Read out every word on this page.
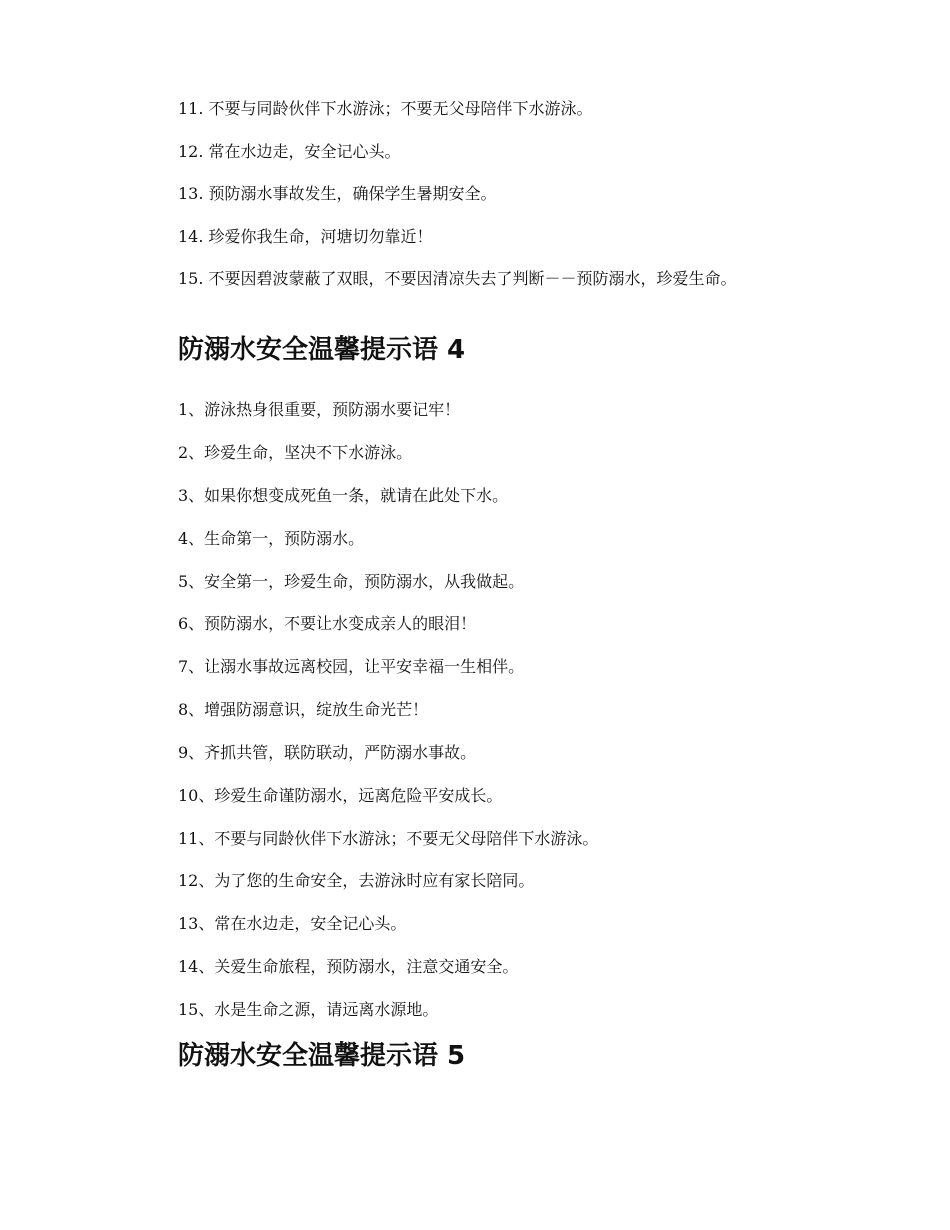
11. 不要与同龄伙伴下水游泳；不要无父母陪伴下水游泳。

12. 常在水边走，安全记心头。

13. 预防溺水事故发生，确保学生暑期安全。

14. 珍爱你我生命，河塘切勿靠近！

15. 不要因碧波蒙蔽了双眼，不要因清凉失去了判断－－预防溺水，珍爱生命。

防溺水安全温馨提示语 4

1、游泳热身很重要，预防溺水要记牢！

2、珍爱生命，坚决不下水游泳。

3、如果你想变成死鱼一条，就请在此处下水。

4、生命第一，预防溺水。

5、安全第一，珍爱生命，预防溺水，从我做起。

6、预防溺水，不要让水变成亲人的眼泪！

7、让溺水事故远离校园，让平安幸福一生相伴。

8、增强防溺意识，绽放生命光芒！

9、齐抓共管，联防联动，严防溺水事故。

10、珍爱生命谨防溺水，远离危险平安成长。

11、不要与同龄伙伴下水游泳；不要无父母陪伴下水游泳。

12、为了您的生命安全，去游泳时应有家长陪同。

13、常在水边走，安全记心头。

14、关爱生命旅程，预防溺水，注意交通安全。

15、水是生命之源，请远离水源地。

防溺水安全温馨提示语 5
